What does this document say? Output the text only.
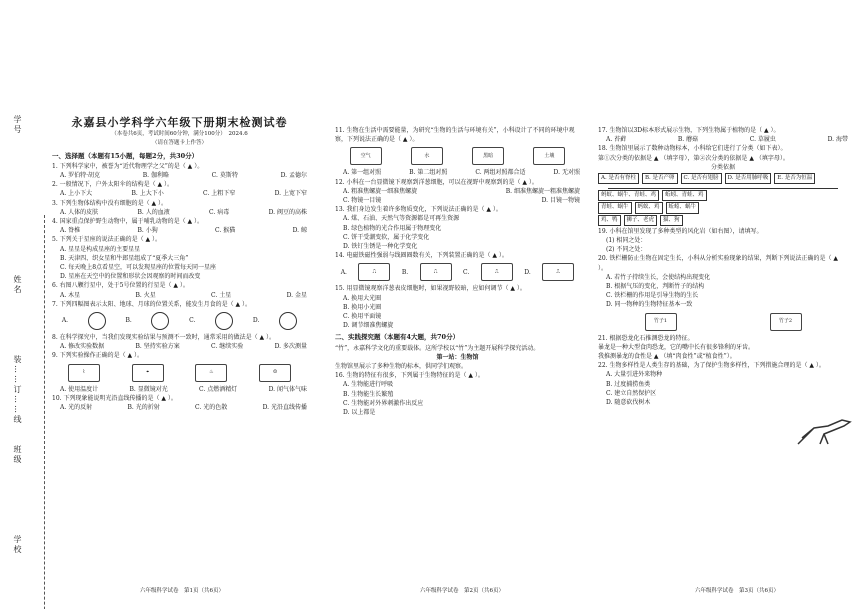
学号
姓名
装……订……线
班级
学校
永嘉县小学科学六年级下册期末检测试卷
（本卷共6页，考试时间60分钟，满分100分）　 2024.6
（请在答题卡上作答）
一、选择题（本题有15小题，每题2分，共30分）
1. 下列科学家中，被誉为“近代物理学之父”的是（ ▲ ）。
A. 罗伯特·胡克	B. 伽利略	C. 莫斯特	D. 孟德尔
2. 一般情况下，户外太阳伞的结构是（ ▲ ）。
A. 上小下大	B. 上大下小	C. 上粗下窄	D. 上宽下窄
3. 下列生物体结构中没有细胞的是（ ▲ ）。
A. 人体的皮肤	B. 人的血液	C. 病毒	D. 阀豆的高株
4. 国家重点保护野生动物中，属于哺乳动物的是（ ▲ ）。
A. 脊椎	B. 小狗	C. 猴猫	D. 鲸
5. 下列关于星座的说法正确的是（ ▲ ）。
A. 星星是构成星座的主要星星
B. 天津四、织女星和牛郎星组成了“夏季大三角”
C. 每天晚上8点看星空，可以发现星座的位置每天同一星座
D. 星座在天空中的位置和形状会因观察的时间而改变
6. 右图八颗行星中，处于5号位置的行星是（ ▲ ）。
A. 木星	B. 火星	C. 土星	D. 金星
7. 下列四幅图表示太阳、地球、月球的位置关系，能发生月食的是（ ▲ ）。
A.	B.	C.	D.
8. 在科学探究中，当我们发现实验结果与预测不一致时，通常采用的做法是（ ▲ ）。
A. 修改实验数据	B. 坚持实验方案	C. 继续实验	D. 多次测量
9. 下列实验操作正确的是（ ▲ ）。
⌇	⌖	♨	☺
A. 使用温度计	B. 显微镜对光	C. 点燃酒精灯	D. 闻气体气味
10. 下列现象能说明光沿直线传播的是（ ▲ ）。
A. 光的反射	B. 光的折射	C. 光的色散	D. 光沿直线传播
六年级科学试卷　第1页（共6页）
11. 生物在生活中需要能量，为研究“生物的生活与环境有关”，小科设计了不同的环境中观察，下列说法正确的是（ ▲ ）。
空气	水	黑暗	土壤
A. 第一组对照	B. 第二组对照	C. 两组对照都合适	D. 无对照
12. 小科在一台显微镜下观察到洋葱细胞，可以在视野中观察到的是（ ▲ ）。
A. 粗准焦螺旋一细准焦螺旋	B. 细准焦螺旋一粗准焦螺旋
C. 物镜一目镜	D. 目镜一物镜
13. 我们身边发生着许多物质变化，下列说法正确的是（ ▲ ）。
A. 煤、石油、天然气等资源都是可再生资源
B. 绿色植物的光合作用属于物理变化
C. 饼干受潮变软，属于化学变化
D. 铁钉生锈是一种化学变化
14. 电磁铁磁性强弱与线圈圈数有关，下列装置正确的是（ ▲ ）。
A.	⎍	B.	⎍	C.	⎍	D.	⎍
15. 用显微镜观察洋葱表皮细胞时，如果视野较暗，应如何调节（ ▲ ）。
A. 换用大光圈
B. 换用小光圈
C. 换用平面镜
D. 调节细准焦螺旋
二、实践探究题（本题有4大题，共70分）
“竹”，永嘉科学文化的重要载体。这所学校以“竹”为主题开展科学探究活动。
第一站：生物馆
生物馆里展示了多种生物的标本，供同学们观察。
16. 生物的特征有很多，下列属于生物特征的是（ ▲ ）。
A. 生物能进行呼吸
B. 生物能生长繁殖
C. 生物能对外界刺激作出反应
D. 以上都是
六年级科学试卷　第2页（共6页）
17. 生物馆以3D标本形式展示生物，下列生物属于植物的是（ ▲ ）。
A. 苔藓	B. 蘑菇	C. 草履虫	D. 海带
18. 生物馆里展示了数种动物标本，小科给它们进行了分类（如下表）。
第①次分类的依据是 ▲ （填字母），第②次分类的依据是 ▲ （填字母）。
分类依据
A. 是否有脊柱	B. 是否产卵	C. 是否有翅膀	D. 是否用肺呼吸	E. 是否为恒温
蚂蚁、蜗牛、青蛙、鸡	蚯蚓、青蛙、鸡
青蛙、蜗牛	蚂蚁、鸡	蚯蚓、蜗牛
鸡、鸭	狮子、老虎	猫、狗
19. 小科在馆里发现了多种类型的风化岩（如右图），请填写。
(1) 相同之处：
(2) 不同之处：
20. 铁栏栅防止生物在固定生长，小科从分析实验现象的结果，判断下列说法正确的是（ ▲ ）。
A. 若竹子持续生长，会使结构出现变化
B. 根据气压的变化，判断竹子的结构
C. 铁栏栅的作用是引导生物的生长
D. 同一物种的生物特征基本一致
竹子1	竹子2
21. 根据恐龙化石推测恐龙的特征。
暴龙是一种大型食肉恐龙，它的嘴中长有很多锋利的牙齿。
我推测暴龙的食性是 ▲ （填“肉食性”或“植食性”）。
22. 生物多样性是人类生存的基础，为了保护生物多样性，下列措施合理的是（ ▲ ）。
A. 大量引进外来物种
B. 过度捕捞鱼类
C. 建立自然保护区
D. 随意砍伐树木
六年级科学试卷　第3页（共6页）
